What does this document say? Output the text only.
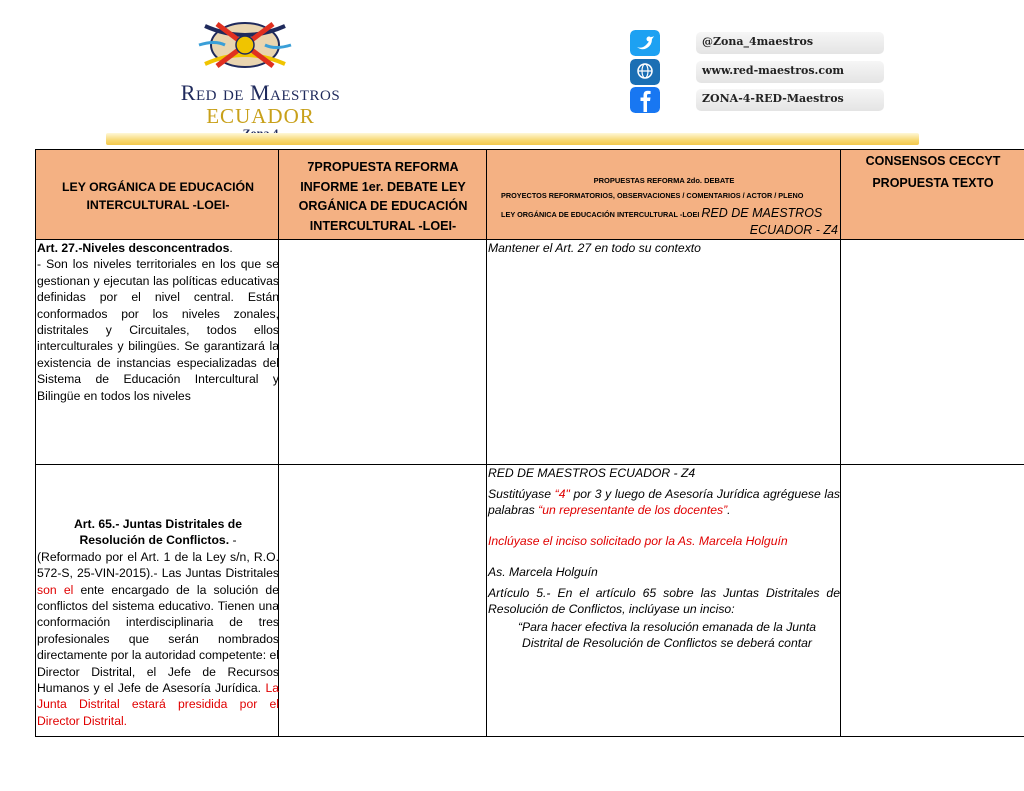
Red de Maestros
ECUADOR
@Zona_4maestros
www.red-maestros.com
ZONA-4-RED-Maestros
LEY ORGÁNICA DE EDUCACIÓN INTERCULTURAL -LOEI-
7PROPUESTA REFORMA INFORME 1er. DEBATE LEY ORGÁNICA DE EDUCACIÓN INTERCULTURAL -LOEI-
PROPUESTAS REFORMA 2do. DEBATE
PROYECTOS REFORMATORIOS, OBSERVACIONES / COMENTARIOS / ACTOR / PLENO
LEY ORGÁNICA DE EDUCACIÓN INTERCULTURAL -LOEI RED DE MAESTROS
ECUADOR - Z4
CONSENSOS CECCYT
PROPUESTA TEXTO
Art. 27.-Niveles desconcentrados.
- Son los niveles territoriales en los que se gestionan y ejecutan las políticas educativas definidas por el nivel central. Están conformados por los niveles zonales, distritales y Circuitales, todos ellos interculturales y bilingües. Se garantizará la existencia de instancias especializadas del Sistema de Educación Intercultural y Bilingüe en todos los niveles
Mantener el Art. 27 en todo su contexto
Art. 65.- Juntas Distritales de Resolución de Conflictos. -
(Reformado por el Art. 1 de la Ley s/n, R.O. 572-S, 25-VIN-2015).- Las Juntas Distritales son el ente encargado de la solución de conflictos del sistema educativo. Tienen una conformación interdisciplinaria de tres profesionales que serán nombrados directamente por la autoridad competente: el Director Distrital, el Jefe de Recursos Humanos y el Jefe de Asesoría Jurídica. La Junta Distrital estará presidida por el Director Distrital.
RED DE MAESTROS ECUADOR - Z4
Sustitúyase “4" por 3 y luego de Asesoría Jurídica agréguese las palabras “un representante de los docentes”.
Inclúyase el inciso solicitado por la As. Marcela Holguín
As. Marcela Holguín
Artículo 5.- En el artículo 65 sobre las Juntas Distritales de Resolución de Conflictos, inclúyase un inciso:
“Para hacer efectiva la resolución emanada de la Junta Distrital de Resolución de Conflictos se deberá contar
